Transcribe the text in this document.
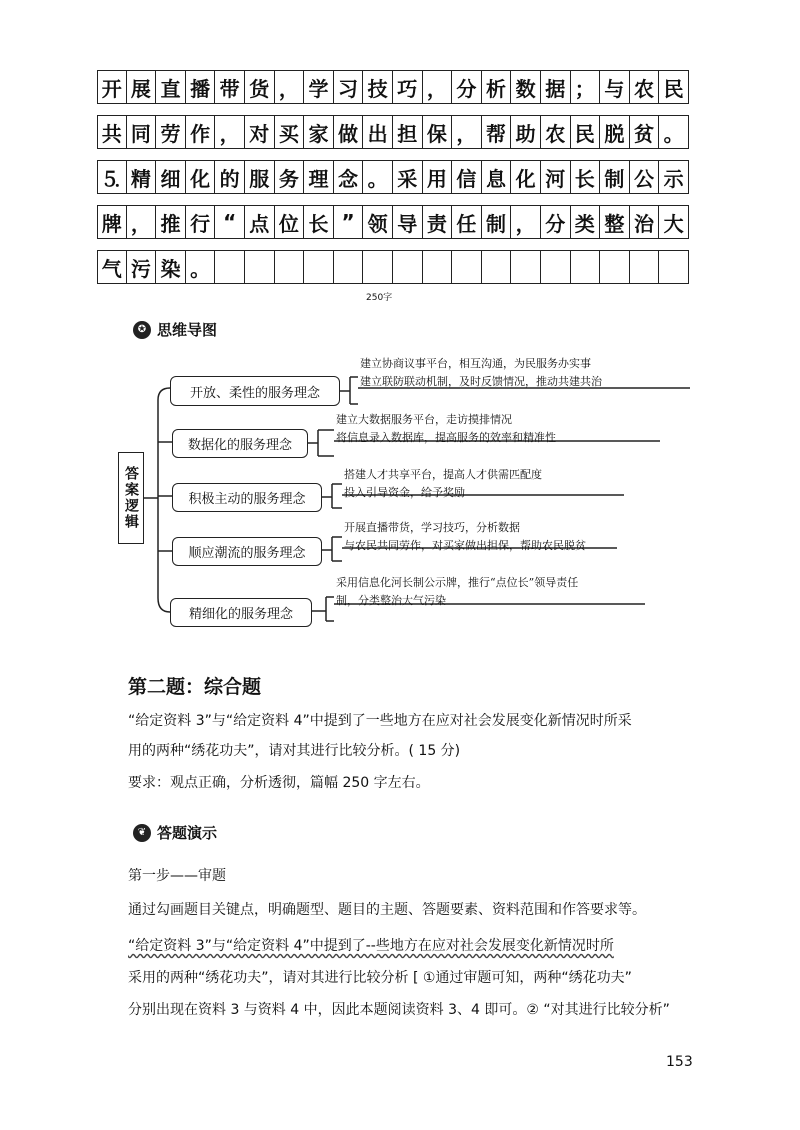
开 展 直 播 带 货 ， 学 习 技 巧 ， 分 析 数 据 ； 与 农 民
共 同 劳 作 ， 对 买 家 做 出 担 保 ， 帮 助 农 民 脱 贫 。
⒌ 精 细 化 的 服 务 理 念 。 采 用 信 息 化 河 长 制 公 示
牌 ， 推 行 “ 点 位 长 ” 领 导 责 任 制 ， 分 类 整 治 大
气 污 染 。
250字
✪ 思维导图
答案逻辑
开放、柔性的服务理念
数据化的服务理念
积极主动的服务理念
顺应潮流的服务理念
精细化的服务理念
建立协商议事平台，相互沟通，为民服务办实事
建立联防联动机制，及时反馈情况，推动共建共治
建立大数据服务平台，走访摸排情况
将信息录入数据库，提高服务的效率和精准性
搭建人才共享平台，提高人才供需匹配度
投入引导资金，给予奖励
开展直播带货，学习技巧，分析数据
与农民共同劳作，对买家做出担保，帮助农民脱贫
采用信息化河长制公示牌，推行“点位长”领导责任
制，分类整治大气污染
第二题：综合题
“给定资料 3”与“给定资料 4”中提到了一些地方在应对社会发展变化新情况时所采
用的两种“绣花功夫”，请对其进行比较分析。( 15 分)
要求：观点正确，分析透彻，篇幅 250 字左右。
❦ 答题演示
第一步——审题
通过勾画题目关键点，明确题型、题目的主题、答题要素、资料范围和作答要求等。
“给定资料 3”与“给定资料 4”中提到了--些地方在应对社会发展变化新情况时所
采用的两种“绣花功夫”，请对其进行比较分析 [ ①通过审题可知，两种“绣花功夫”
分别出现在资料 3 与资料 4 中，因此本题阅读资料 3、4 即可。② “对其进行比较分析”
153
